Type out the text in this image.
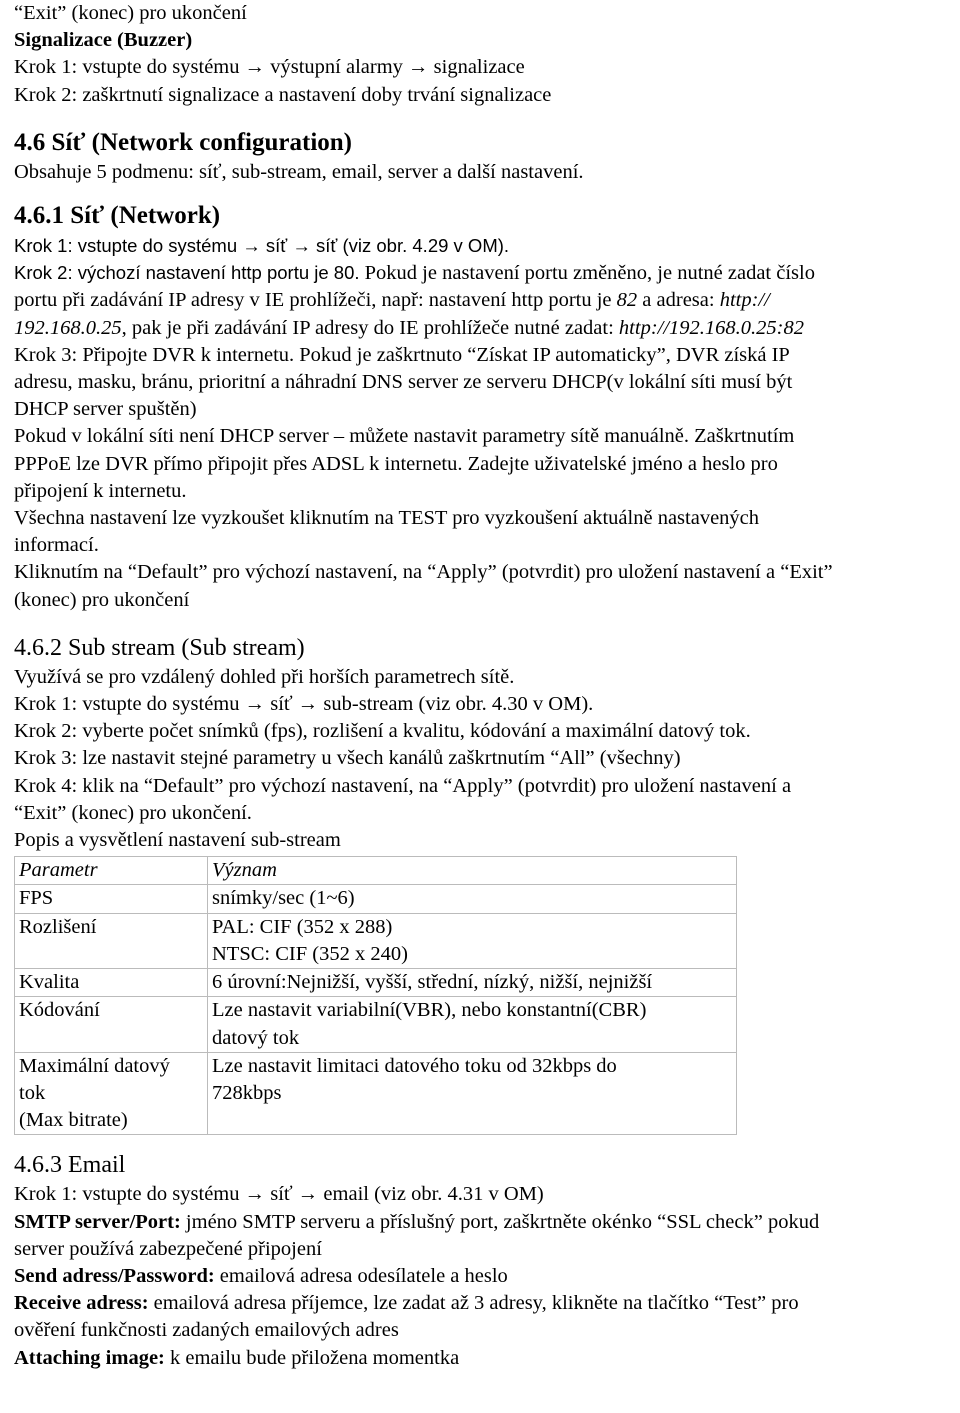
“Exit” (konec) pro ukončení
Signalizace (Buzzer)
Krok 1: vstupte do systému → výstupní alarmy → signalizace
Krok 2: zaškrtnutí signalizace a nastavení doby trvání signalizace
4.6 Síť (Network configuration)
Obsahuje 5 podmenu: síť, sub-stream, email, server a další nastavení.
4.6.1 Síť (Network)
Krok 1: vstupte do systému → síť → síť (viz obr. 4.29 v OM).
Krok 2: výchozí nastavení http portu je 80. Pokud je nastavení portu změněno, je nutné zadat číslo
portu při zadávání IP adresy v IE prohlížeči, např: nastavení http portu je 82 a adresa: http://
192.168.0.25, pak je při zadávání IP adresy do IE prohlížeče nutné zadat: http://192.168.0.25:82
Krok 3: Připojte DVR k internetu. Pokud je zaškrtnuto “Získat IP automaticky”, DVR získá IP
adresu, masku, bránu, prioritní a náhradní DNS server ze serveru DHCP(v lokální síti musí být
DHCP server spuštěn)
Pokud v lokální síti není DHCP server – můžete nastavit parametry sítě manuálně. Zaškrtnutím
PPPoE lze DVR přímo připojit přes ADSL k internetu. Zadejte uživatelské jméno a heslo pro
připojení k internetu.
Všechna nastavení lze vyzkoušet kliknutím na TEST pro vyzkoušení aktuálně nastavených
informací.
Kliknutím na “Default” pro výchozí nastavení, na “Apply” (potvrdit) pro uložení nastavení a “Exit”
(konec) pro ukončení
4.6.2 Sub stream (Sub stream)
Využívá se pro vzdálený dohled při horších parametrech sítě.
Krok 1: vstupte do systému → síť → sub-stream (viz obr. 4.30 v OM).
Krok 2: vyberte počet snímků (fps), rozlišení a kvalitu, kódování a maximální datový tok.
Krok 3: lze nastavit stejné parametry u všech kanálů zaškrtnutím “All” (všechny)
Krok 4: klik na “Default” pro výchozí nastavení, na “Apply” (potvrdit) pro uložení nastavení a
“Exit” (konec) pro ukončení.
Popis a vysvětlení nastavení sub-stream
Parametr	Význam

FPS	snímky/sec (1~6)

Rozlišení	PAL: CIF (352 x 288)
NTSC: CIF (352 x 240)

Kvalita	6 úrovní:Nejnižší, vyšší, střední, nízký, nižší, nejnižší

Kódování	Lze nastavit variabilní(VBR), nebo konstantní(CBR)
datový tok

Maximální datový
tok
(Max bitrate)	Lze nastavit limitaci datového toku od 32kbps do
728kbps
4.6.3 Email
Krok 1: vstupte do systému → síť → email (viz obr. 4.31 v OM)
SMTP server/Port: jméno SMTP serveru a příslušný port, zaškrtněte okénko “SSL check” pokud
server používá zabezpečené připojení
Send adress/Password: emailová adresa odesílatele a heslo
Receive adress: emailová adresa příjemce, lze zadat až 3 adresy, klikněte na tlačítko “Test” pro
ověření funkčnosti zadaných emailových adres
Attaching image: k emailu bude přiložena momentka
